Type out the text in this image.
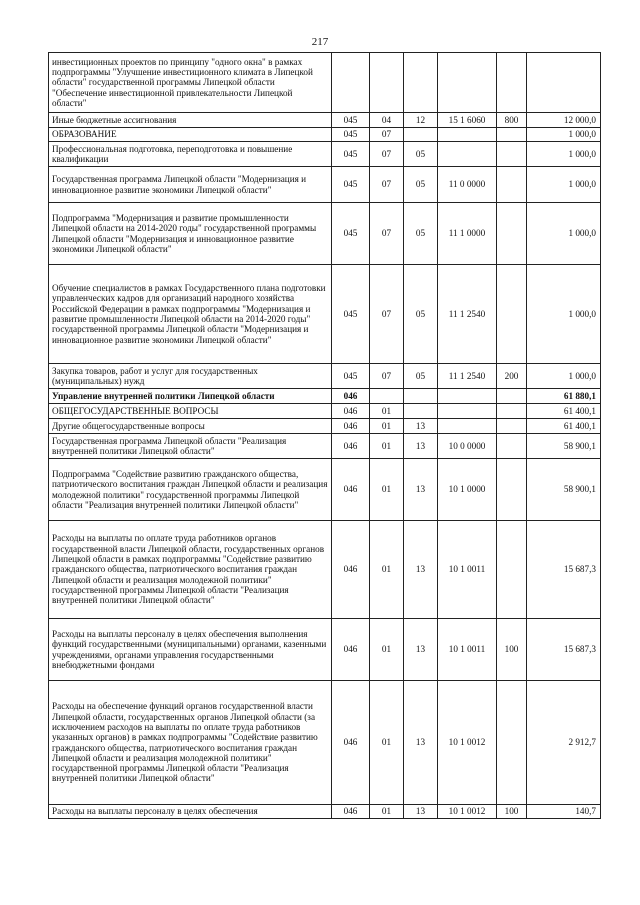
217
инвестиционных проектов по принципу "одного окна" в рамках подпрограммы "Улучшение инвестиционного климата в Липецкой области" государственной программы Липецкой области "Обеспечение инвестиционной привлекательности Липецкой области"						
Иные бюджетные ассигнования	045	04	12	15 1 6060	800	12 000,0
ОБРАЗОВАНИЕ	045	07				1 000,0
Профессиональная подготовка, переподготовка и повышение квалификации	045	07	05			1 000,0
Государственная программа Липецкой области "Модернизация и инновационное развитие экономики Липецкой области"	045	07	05	11 0 0000		1 000,0
Подпрограмма "Модернизация и развитие промышленности Липецкой области на 2014-2020 годы" государственной программы Липецкой области "Модернизация и инновационное развитие экономики Липецкой области"	045	07	05	11 1 0000		1 000,0
Обучение специалистов в рамках Государственного плана подготовки управленческих кадров для организаций народного хозяйства Российской Федерации в рамках подпрограммы "Модернизация и развитие промышленности Липецкой области на 2014-2020 годы" государственной программы Липецкой области "Модернизация и инновационное развитие экономики Липецкой области"	045	07	05	11 1 2540		1 000,0
Закупка товаров, работ и услуг для государственных (муниципальных) нужд	045	07	05	11 1 2540	200	1 000,0
Управление внутренней политики Липецкой области	046					61 880,1
ОБЩЕГОСУДАРСТВЕННЫЕ ВОПРОСЫ	046	01				61 400,1
Другие общегосударственные вопросы	046	01	13			61 400,1
Государственная программа Липецкой области "Реализация внутренней политики Липецкой области"	046	01	13	10 0 0000		58 900,1
Подпрограмма "Содействие развитию гражданского общества, патриотического воспитания граждан Липецкой области и реализация молодежной политики" государственной программы Липецкой области "Реализация внутренней политики Липецкой области"	046	01	13	10 1 0000		58 900,1
Расходы на выплаты по оплате труда работников органов государственной власти Липецкой области, государственных органов Липецкой области в рамках подпрограммы "Содействие развитию гражданского общества, патриотического воспитания граждан Липецкой области и реализация молодежной политики" государственной программы Липецкой области "Реализация внутренней политики Липецкой области"	046	01	13	10 1 0011		15 687,3
Расходы на выплаты персоналу в целях обеспечения выполнения функций государственными (муниципальными) органами, казенными учреждениями, органами управления государственными внебюджетными фондами	046	01	13	10 1 0011	100	15 687,3
Расходы на обеспечение функций органов государственной власти Липецкой области, государственных органов Липецкой области (за исключением расходов на выплаты по оплате труда работников указанных органов) в рамках подпрограммы "Содействие развитию гражданского общества, патриотического воспитания граждан Липецкой области и реализация молодежной политики" государственной программы Липецкой области "Реализация внутренней политики Липецкой области"	046	01	13	10 1 0012		2 912,7
Расходы на выплаты персоналу в целях обеспечения	046	01	13	10 1 0012	100	140,7
